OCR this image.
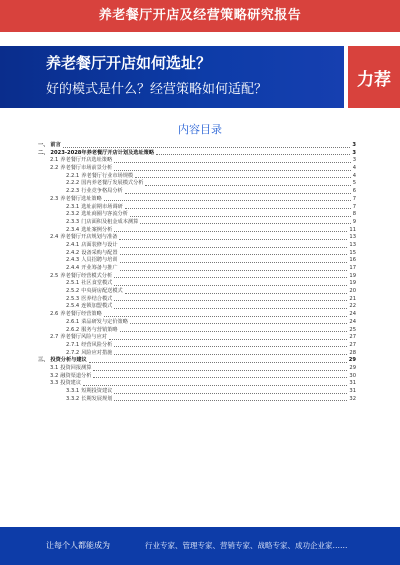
养老餐厅开店及经营策略研究报告
养老餐厅开店如何选址？
好的模式是什么？经营策略如何适配？	力荐
内容目录
一、 前言	3
二、 2023-2028年养老餐厅开店计划及选址策略	3
2.1 养老餐厅开店选址策略	3
2.2 养老餐厅市场前景分析	4
2.2.1 养老餐厅行业市场规模	4
2.2.2 国内养老餐厅发展模式分析	5
2.2.3 行业竞争格局分析	6
2.3 养老餐厅选址策略	7
2.3.1 选址前期市场调研	7
2.3.2 选址商圈与客流分析	8
2.3.3 门店面积及租金成本测算	9
2.3.4 选址案例分析	11
2.4 养老餐厅开店规划与准备	13
2.4.1 店面装修与设计	13
2.4.2 设备采购与配置	15
2.4.3 人员招聘与培训	16
2.4.4 开业筹备与推广	17
2.5 养老餐厅经营模式分析	19
2.5.1 社区食堂模式	19
2.5.2 中央厨房配送模式	20
2.5.3 医养结合模式	21
2.5.4 连锁加盟模式	22
2.6 养老餐厅经营策略	24
2.6.1 菜品研发与定价策略	24
2.6.2 服务与营销策略	25
2.7 养老餐厅风险与应对	27
2.7.1 经营风险分析	27
2.7.2 风险应对措施	28
三、 投资分析与建议	29
3.1 投资回报测算	29
3.2 融资渠道分析	30
3.3 投资建议	31
3.3.1 短期投资建议	31
3.3.2 长期发展规划	32
让每个人都能成为	行业专家、管理专家、营销专家、战略专家、成功企业家……
